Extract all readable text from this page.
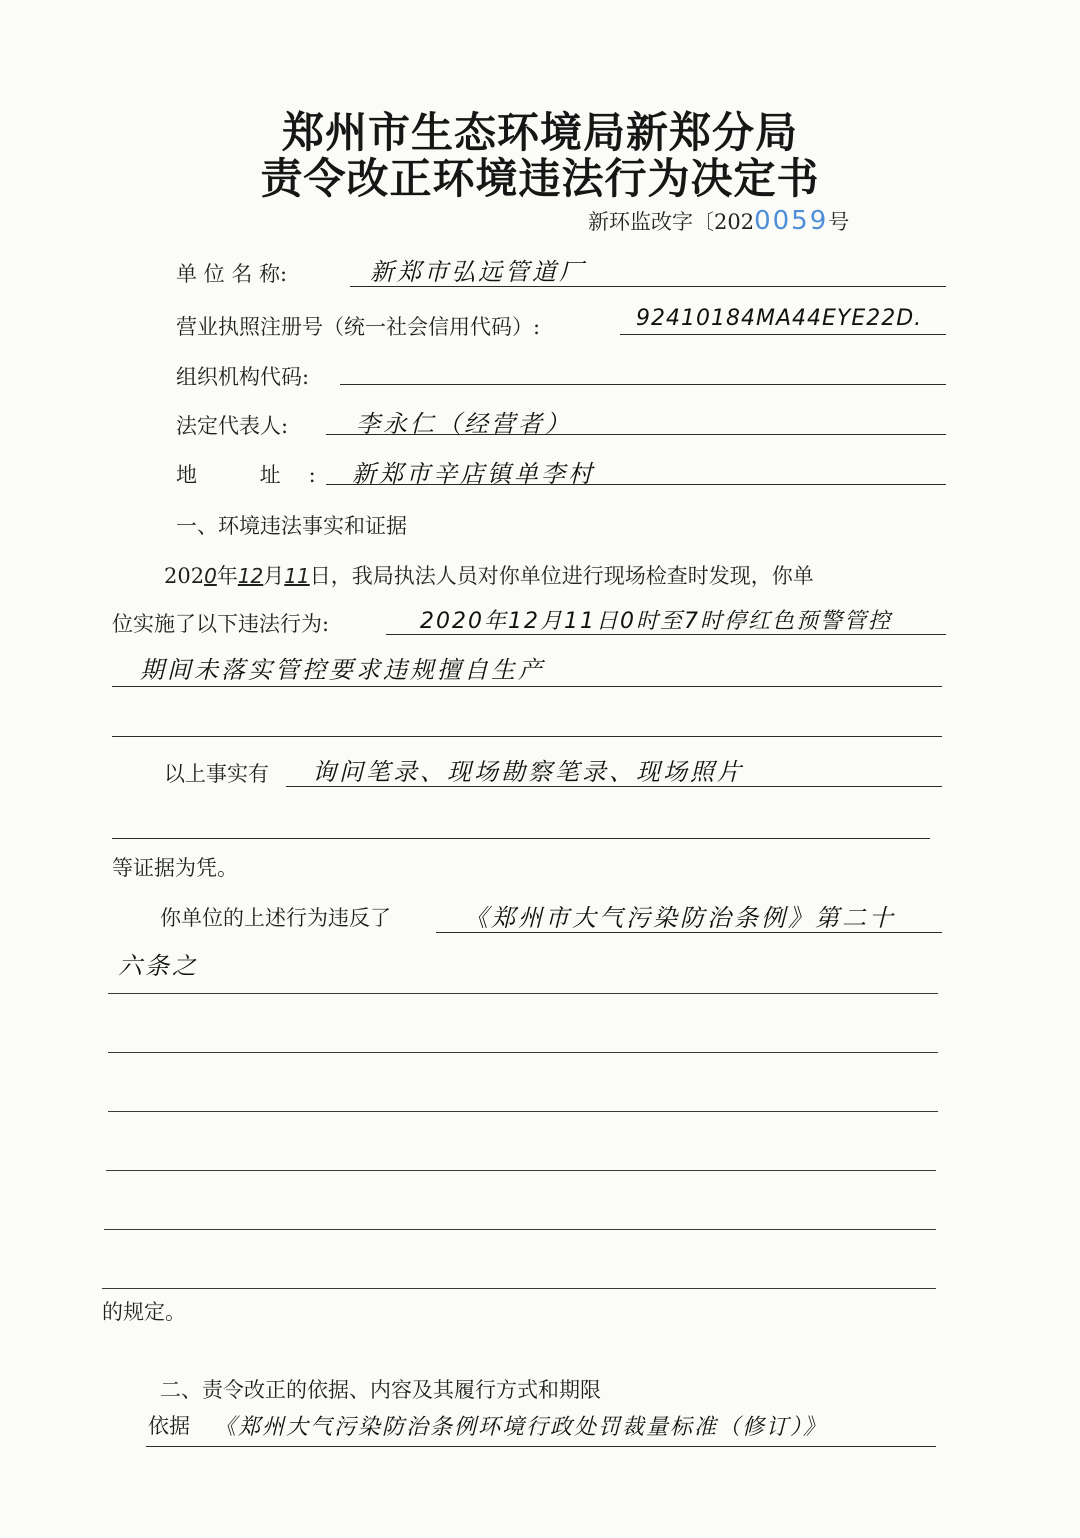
郑州市生态环境局新郑分局
责令改正环境违法行为决定书
新环监改字〔2020059号
单 位 名 称:	新郑市弘远管道厂
营业执照注册号（统一社会信用代码）:	92410184MA44EYE22D.
组织机构代码:
法定代表人:	李永仁（经营者）
地 址: 新郑市辛店镇单李村
一、环境违法事实和证据
2020年12月11日，我局执法人员对你单位进行现场检查时发现，你单
位实施了以下违法行为:	2020年12月11日0时至7时停红色预警管控
期间未落实管控要求违规擅自生产
以上事实有 询问笔录、现场勘察笔录、现场照片
等证据为凭。
你单位的上述行为违反了	《郑州市大气污染防治条例》第二十
六条之
的规定。
二、责令改正的依据、内容及其履行方式和期限
依据 《郑州大气污染防治条例环境行政处罚裁量标准（修订）》
